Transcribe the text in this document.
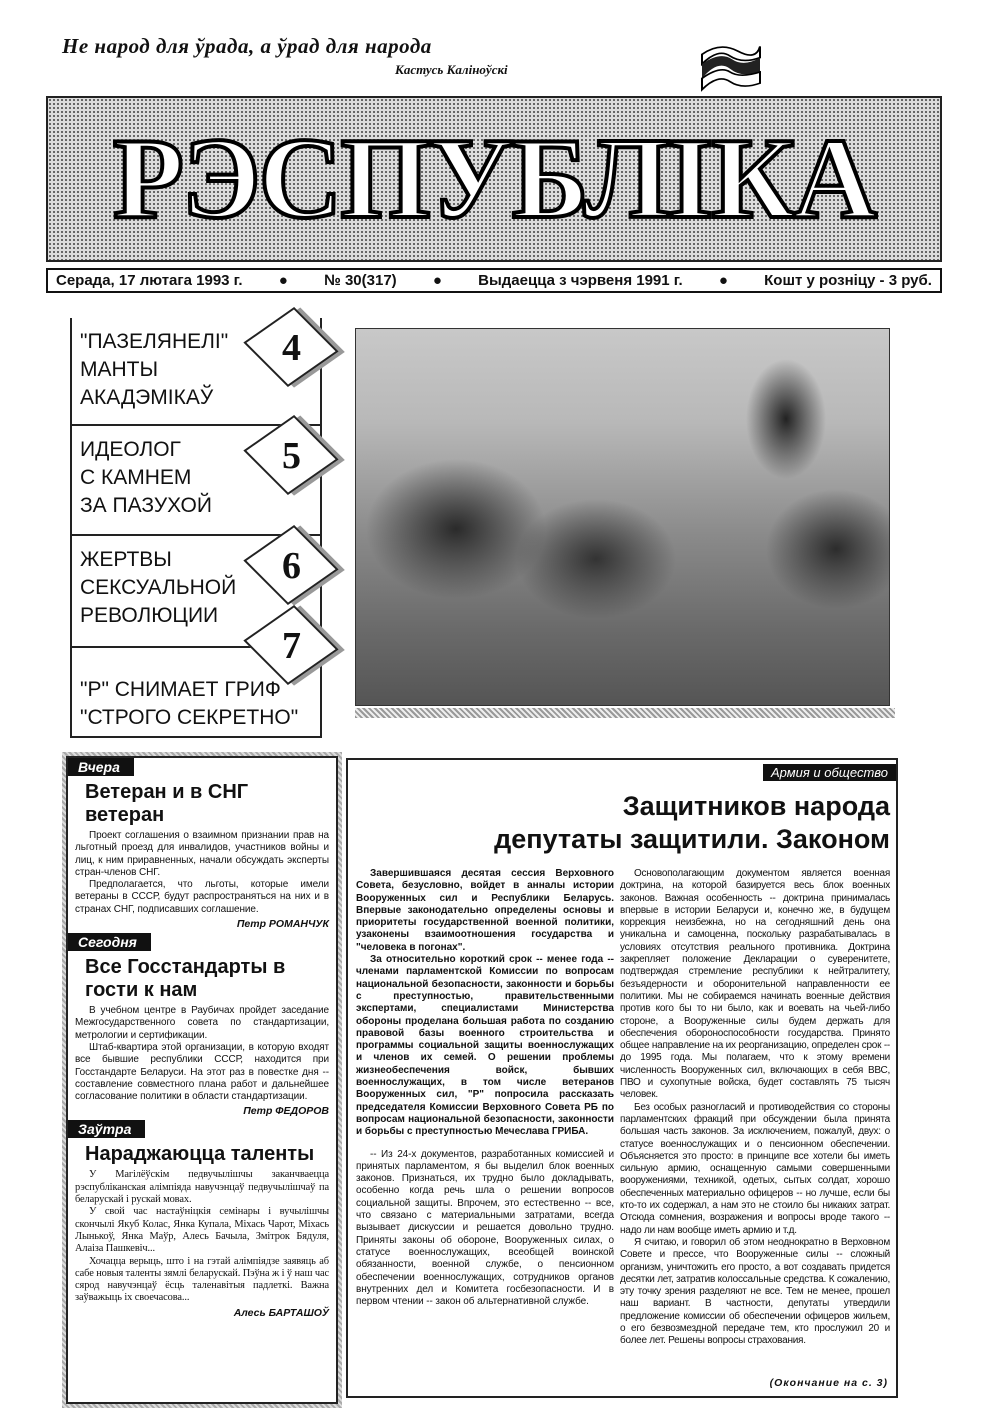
Не народ для ўрада, а ўрад для народа
Кастусь Каліноўскі
РЭСПУБЛІКА
Серада, 17 лютага 1993 г. ● № 30(317) ● Выдаецца з чэрвеня 1991 г. ● Кошт у розніцу - 3 руб.
"ПАЗЕЛЯНЕЛІ"
МАНТЫ
АКАДЭМІКАЎ
4
ИДЕОЛОГ
С КАМНЕМ
ЗА ПАЗУХОЙ
5
ЖЕРТВЫ
СЕКСУАЛЬНОЙ
РЕВОЛЮЦИИ
6
"Р" СНИМАЕТ ГРИФ
"СТРОГО СЕКРЕТНО"
7
Вчера
Ветеран и в СНГ ветеран

Проект соглашения о взаимном признании прав на льготный проезд для инвалидов, участников войны и лиц, к ним приравненных, начали обсуждать эксперты стран-членов СНГ.

Предполагается, что льготы, которые имели ветераны в СССР, будут распространяться на них и в странах СНГ, подписавших соглашение.

Петр РОМАНЧУК
Сегодня
Все Госстандарты в гости к нам

В учебном центре в Раубичах пройдет заседание Межгосударственного совета по стандартизации, метрологии и сертификации.

Штаб-квартира этой организации, в которую входят все бывшие республики СССР, находится при Госстандарте Беларуси. На этот раз в повестке дня -- составление совместного плана работ и дальнейшее согласование политики в области стандартизации.

Петр ФЕДОРОВ
Заўтра
Нараджаюцца таленты

У Магілёўскім педвучылішчы заканчваецца рэспубліканская алімпіяда навучэнцаў педвучылішчаў па беларускай і рускай мовах.

У свой час настаўніцкія семінары і вучылішчы скончылі Якуб Колас, Янка Купала, Міхась Чарот, Міхась Лынькоў, Янка Маўр, Алесь Бачыла, Змітрок Бядуля, Алаіза Пашкевіч...

Хочацца верыць, што і на гэтай алімпіядзе заявяць аб сабе новыя таленты зямлі беларускай. Пэўна ж і ў наш час сярод навучэнцаў ёсць таленавітыя падлеткі. Важна заўважыць іх своечасова...

Алесь БАРТАШОЎ
Армия и общество
Защитников народа
депутаты защитили. Законом

Завершившаяся десятая сессия Верховного Совета, безусловно, войдет в анналы истории Вооруженных сил и Республики Беларусь. Впервые законодательно определены основы и приоритеты государственной военной политики, узаконены взаимоотношения государства и "человека в погонах".

За относительно короткий срок -- менее года -- членами парламентской Комиссии по вопросам национальной безопасности, законности и борьбы с преступностью, правительственными экспертами, специалистами Министерства обороны проделана большая работа по созданию правовой базы военного строительства и программы социальной защиты военнослужащих и членов их семей. О решении проблемы жизнеобеспечения войск, бывших военнослужащих, в том числе ветеранов Вооруженных сил, "Р" попросила рассказать председателя Комиссии Верховного Совета РБ по вопросам национальной безопасности, законности и борьбы с преступностью Мечеслава ГРИБА.

-- Из 24-х документов, разработанных комиссией и принятых парламентом, я бы выделил блок военных законов. Признаться, их трудно было докладывать, особенно когда речь шла о решении вопросов социальной защиты. Впрочем, это естественно -- все, что связано с материальными затратами, всегда вызывает дискуссии и решается довольно трудно. Приняты законы об обороне, Вооруженных силах, о статусе военнослужащих, всеобщей воинской обязанности, военной службе, о пенсионном обеспечении военнослужащих, сотрудников органов внутренних дел и Комитета госбезопасности. И в первом чтении -- закон об альтернативной службе.

Основополагающим документом является военная доктрина, на которой базируется весь блок военных законов. Важная особенность -- доктрина принималась впервые в истории Беларуси и, конечно же, в будущем коррекция неизбежна, но на сегодняшний день она уникальна и самоценна, поскольку разрабатывалась в условиях отсутствия реального противника. Доктрина закрепляет положение Декларации о суверенитете, подтверждая стремление республики к нейтралитету, безъядерности и оборонительной направленности ее политики. Мы не собираемся начинать военные действия против кого бы то ни было, как и воевать на чьей-либо стороне, а Вооруженные силы будем держать для обеспечения обороноспособности государства. Принято общее направление на их реорганизацию, определен срок -- до 1995 года. Мы полагаем, что к этому времени численность Вооруженных сил, включающих в себя ВВС, ПВО и сухопутные войска, будет составлять 75 тысяч человек.

Без особых разногласий и противодействия со стороны парламентских фракций при обсуждении была принята большая часть законов. За исключением, пожалуй, двух: о статусе военнослужащих и о пенсионном обеспечении. Объясняется это просто: в принципе все хотели бы иметь сильную армию, оснащенную самыми совершенными вооружениями, техникой, одетых, сытых солдат, хорошо обеспеченных материально офицеров -- но лучше, если бы кто-то их содержал, а нам это не стоило бы никаких затрат. Отсюда сомнения, возражения и вопросы вроде такого -- надо ли нам вообще иметь армию и т.д.

Я считаю, и говорил об этом неоднократно в Верховном Совете и прессе, что Вооруженные силы -- сложный организм, уничтожить его просто, а вот создавать придется десятки лет, затратив колоссальные средства. К сожалению, эту точку зрения разделяют не все. Тем не менее, прошел наш вариант. В частности, депутаты утвердили предложение комиссии об обеспечении офицеров жильем, о его безвозмездной передаче тем, кто прослужил 20 и более лет. Решены вопросы страхования.

(Окончание на с. 3)
